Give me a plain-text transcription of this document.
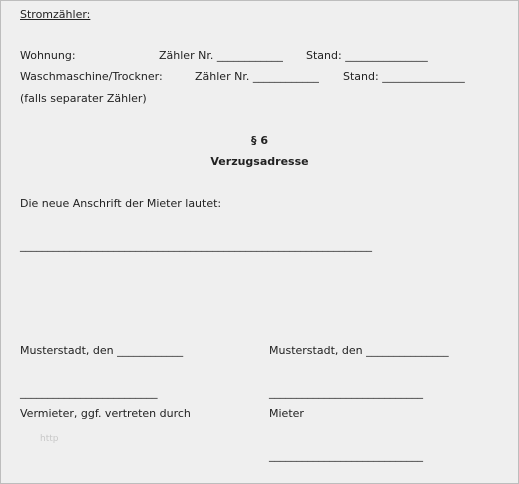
Stromzähler:
Wohnung:	Zähler Nr. ____________ Stand: _______________
Waschmaschine/Trockner:	Zähler Nr. ____________ Stand: _______________
(falls separater Zähler)
§ 6
Verzugsadresse
Die neue Anschrift der Mieter lautet:
________________________________________________________________
Musterstadt, den ____________	Musterstadt, den _______________
_________________________	____________________________
Vermieter, ggf. vertreten durch	Mieter
http
____________________________
